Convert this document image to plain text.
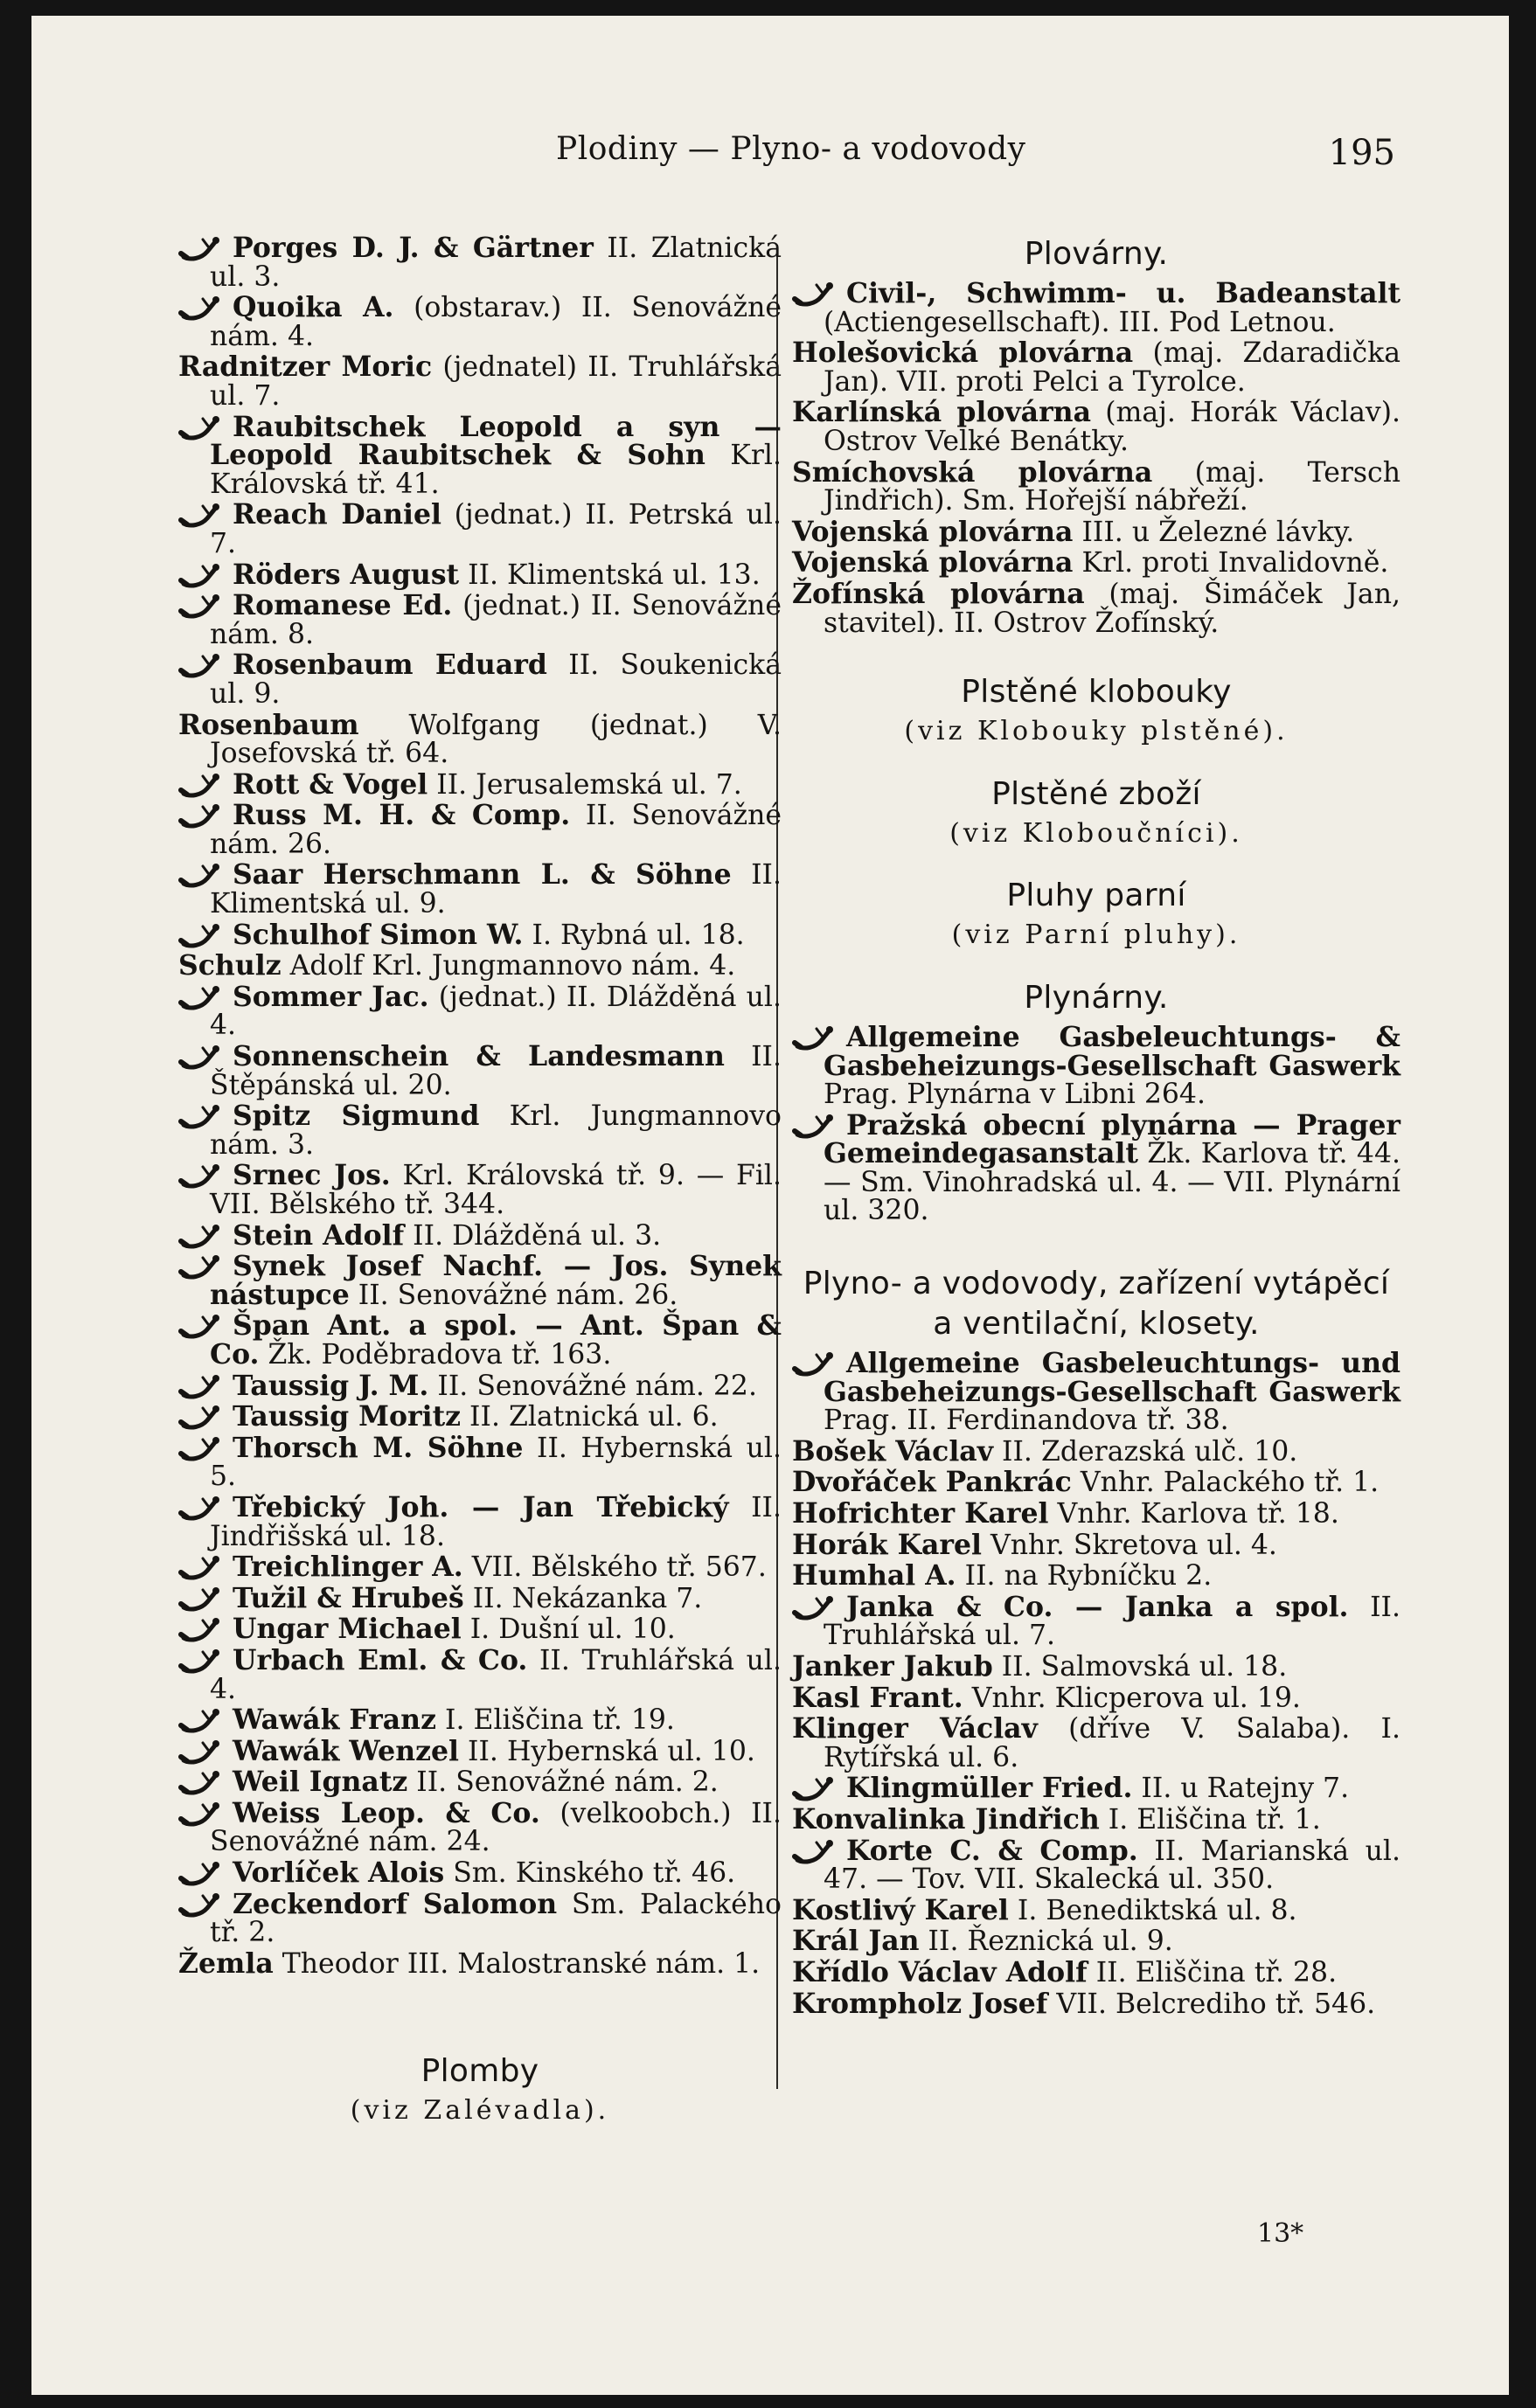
Plodiny — Plyno- a vodovody	195
Porges D. J. & Gärtner II. Zlatnická ul. 3.
Quoika A. (obstarav.) II. Senovážné nám. 4.
Radnitzer Moric (jednatel) II. Truhlářská ul. 7.
Raubitschek Leopold a syn — Leopold Raubitschek & Sohn Krl. Královská tř. 41.
Reach Daniel (jednat.) II. Petrská ul. 7.
Röders August II. Klimentská ul. 13.
Romanese Ed. (jednat.) II. Senovážné nám. 8.
Rosenbaum Eduard II. Soukenická ul. 9.
Rosenbaum Wolfgang (jednat.) V. Josefovská tř. 64.
Rott & Vogel II. Jerusalemská ul. 7.
Russ M. H. & Comp. II. Senovážné nám. 26.
Saar Herschmann L. & Söhne II. Klimentská ul. 9.
Schulhof Simon W. I. Rybná ul. 18.
Schulz Adolf Krl. Jungmannovo nám. 4.
Sommer Jac. (jednat.) II. Dlážděná ul. 4.
Sonnenschein & Landesmann II. Štěpánská ul. 20.
Spitz Sigmund Krl. Jungmannovo nám. 3.
Srnec Jos. Krl. Královská tř. 9. — Fil. VII. Bělského tř. 344.
Stein Adolf II. Dlážděná ul. 3.
Synek Josef Nachf. — Jos. Synek nástupce II. Senovážné nám. 26.
Špan Ant. a spol. — Ant. Špan & Co. Žk. Poděbradova tř. 163.
Taussig J. M. II. Senovážné nám. 22.
Taussig Moritz II. Zlatnická ul. 6.
Thorsch M. Söhne II. Hybernská ul. 5.
Třebický Joh. — Jan Třebický II. Jindřišská ul. 18.
Treichlinger A. VII. Bělského tř. 567.
Tužil & Hrubeš II. Nekázanka 7.
Ungar Michael I. Dušní ul. 10.
Urbach Eml. & Co. II. Truhlářská ul. 4.
Wawák Franz I. Eliščina tř. 19.
Wawák Wenzel II. Hybernská ul. 10.
Weil Ignatz II. Senovážné nám. 2.
Weiss Leop. & Co. (velkoobch.) II. Senovážné nám. 24.
Vorlíček Alois Sm. Kinského tř. 46.
Zeckendorf Salomon Sm. Palackého tř. 2.
Žemla Theodor III. Malostranské nám. 1.
Plomby
(viz Zalévadla).
Plovárny.
Civil-, Schwimm- u. Badeanstalt (Actiengesellschaft). III. Pod Letnou.
Holešovická plovárna (maj. Zdaradička Jan). VII. proti Pelci a Tyrolce.
Karlínská plovárna (maj. Horák Václav). Ostrov Velké Benátky.
Smíchovská plovárna (maj. Tersch Jindřich). Sm. Hořejší nábřeží.
Vojenská plovárna III. u Železné lávky.
Vojenská plovárna Krl. proti Invalidovně.
Žofínská plovárna (maj. Šimáček Jan, stavitel). II. Ostrov Žofínský.
Plstěné klobouky
(viz Klobouky plstěné).
Plstěné zboží
(viz Kloboučníci).
Pluhy parní
(viz Parní pluhy).
Plynárny.
Allgemeine Gasbeleuchtungs- & Gasbeheizungs-Gesellschaft Gaswerk Prag. Plynárna v Libni 264.
Pražská obecní plynárna — Prager Gemeindegasanstalt Žk. Karlova tř. 44. — Sm. Vinohradská ul. 4. — VII. Plynární ul. 320.
Plyno- a vodovody, zařízení vytápěcí a ventilační, klosety.
Allgemeine Gasbeleuchtungs- und Gasbeheizungs-Gesellschaft Gaswerk Prag. II. Ferdinandova tř. 38.
Bošek Václav II. Zderazská ulč. 10.
Dvořáček Pankrác Vnhr. Palackého tř. 1.
Hofrichter Karel Vnhr. Karlova tř. 18.
Horák Karel Vnhr. Skretova ul. 4.
Humhal A. II. na Rybníčku 2.
Janka & Co. — Janka a spol. II. Truhlářská ul. 7.
Janker Jakub II. Salmovská ul. 18.
Kasl Frant. Vnhr. Klicperova ul. 19.
Klinger Václav (dříve V. Salaba). I. Rytířská ul. 6.
Klingmüller Fried. II. u Ratejny 7.
Konvalinka Jindřich I. Eliščina tř. 1.
Korte C. & Comp. II. Marianská ul. 47. — Tov. VII. Skalecká ul. 350.
Kostlivý Karel I. Benediktská ul. 8.
Král Jan II. Řeznická ul. 9.
Křídlo Václav Adolf II. Eliščina tř. 28.
Krompholz Josef VII. Belcrediho tř. 546.
13*
